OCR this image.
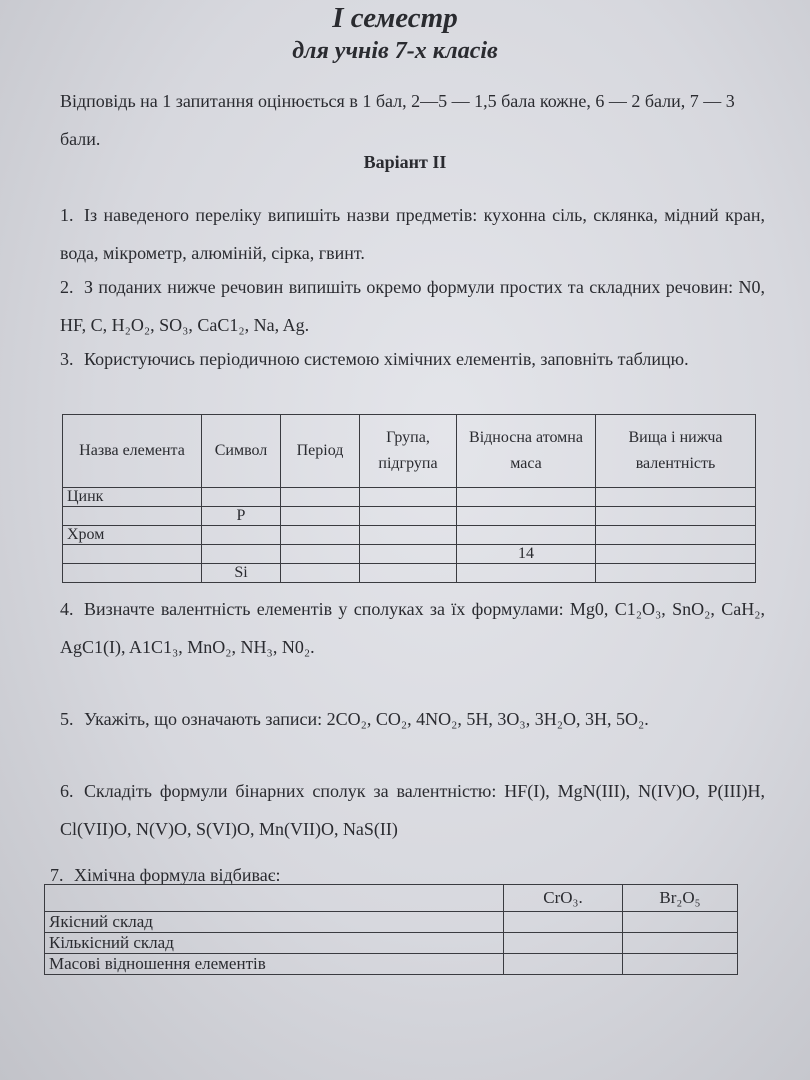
І семестр
для учнів 7-х класів
Відповідь на 1 запитання оцінюється в 1 бал, 2—5 — 1,5 бала кожне, 6 — 2 бали, 7 — 3 бали.
Варіант II
1. Із наведеного переліку випишіть назви предметів: кухонна сіль, склянка, мідний кран, вода, мікрометр, алюміній, сірка, гвинт.
2. З поданих нижче речовин випишіть окремо формули простих та складних речовин: N0, HF, C, H₂O₂, SO₃, CaC1₂, Na, Ag.
3. Користуючись періодичною системою хімічних елементів, заповніть таблицю.
Назва елемента	Символ	Період	Група, підгрупа	Відносна атомна маса	Вища і нижча валентність
Цинк					
	P				
Хром					
				14	
	Si				
4. Визначте валентність елементів у сполуках за їх формулами: Mg0, C1₂O₃, SnO₂, CaH₂, AgC1(I), A1C1₃, MnO₂, NH₃, N0₂.
5. Укажіть, що означають записи: 2CO₂, CO₂, 4NO₂, 5H, 3O₃, 3H₂O, 3H, 5O₂.
6. Складіть формули бінарних сполук за валентністю: HF(I), MgN(III), N(IV)O, P(III)H, Cl(VII)O, N(V)O, S(VI)O, Mn(VII)O, NaS(II)
7. Хімічна формула відбиває:
	CrO₃.	Br₂O₅
Якісний склад		
Кількісний склад		
Масові відношення елементів		
